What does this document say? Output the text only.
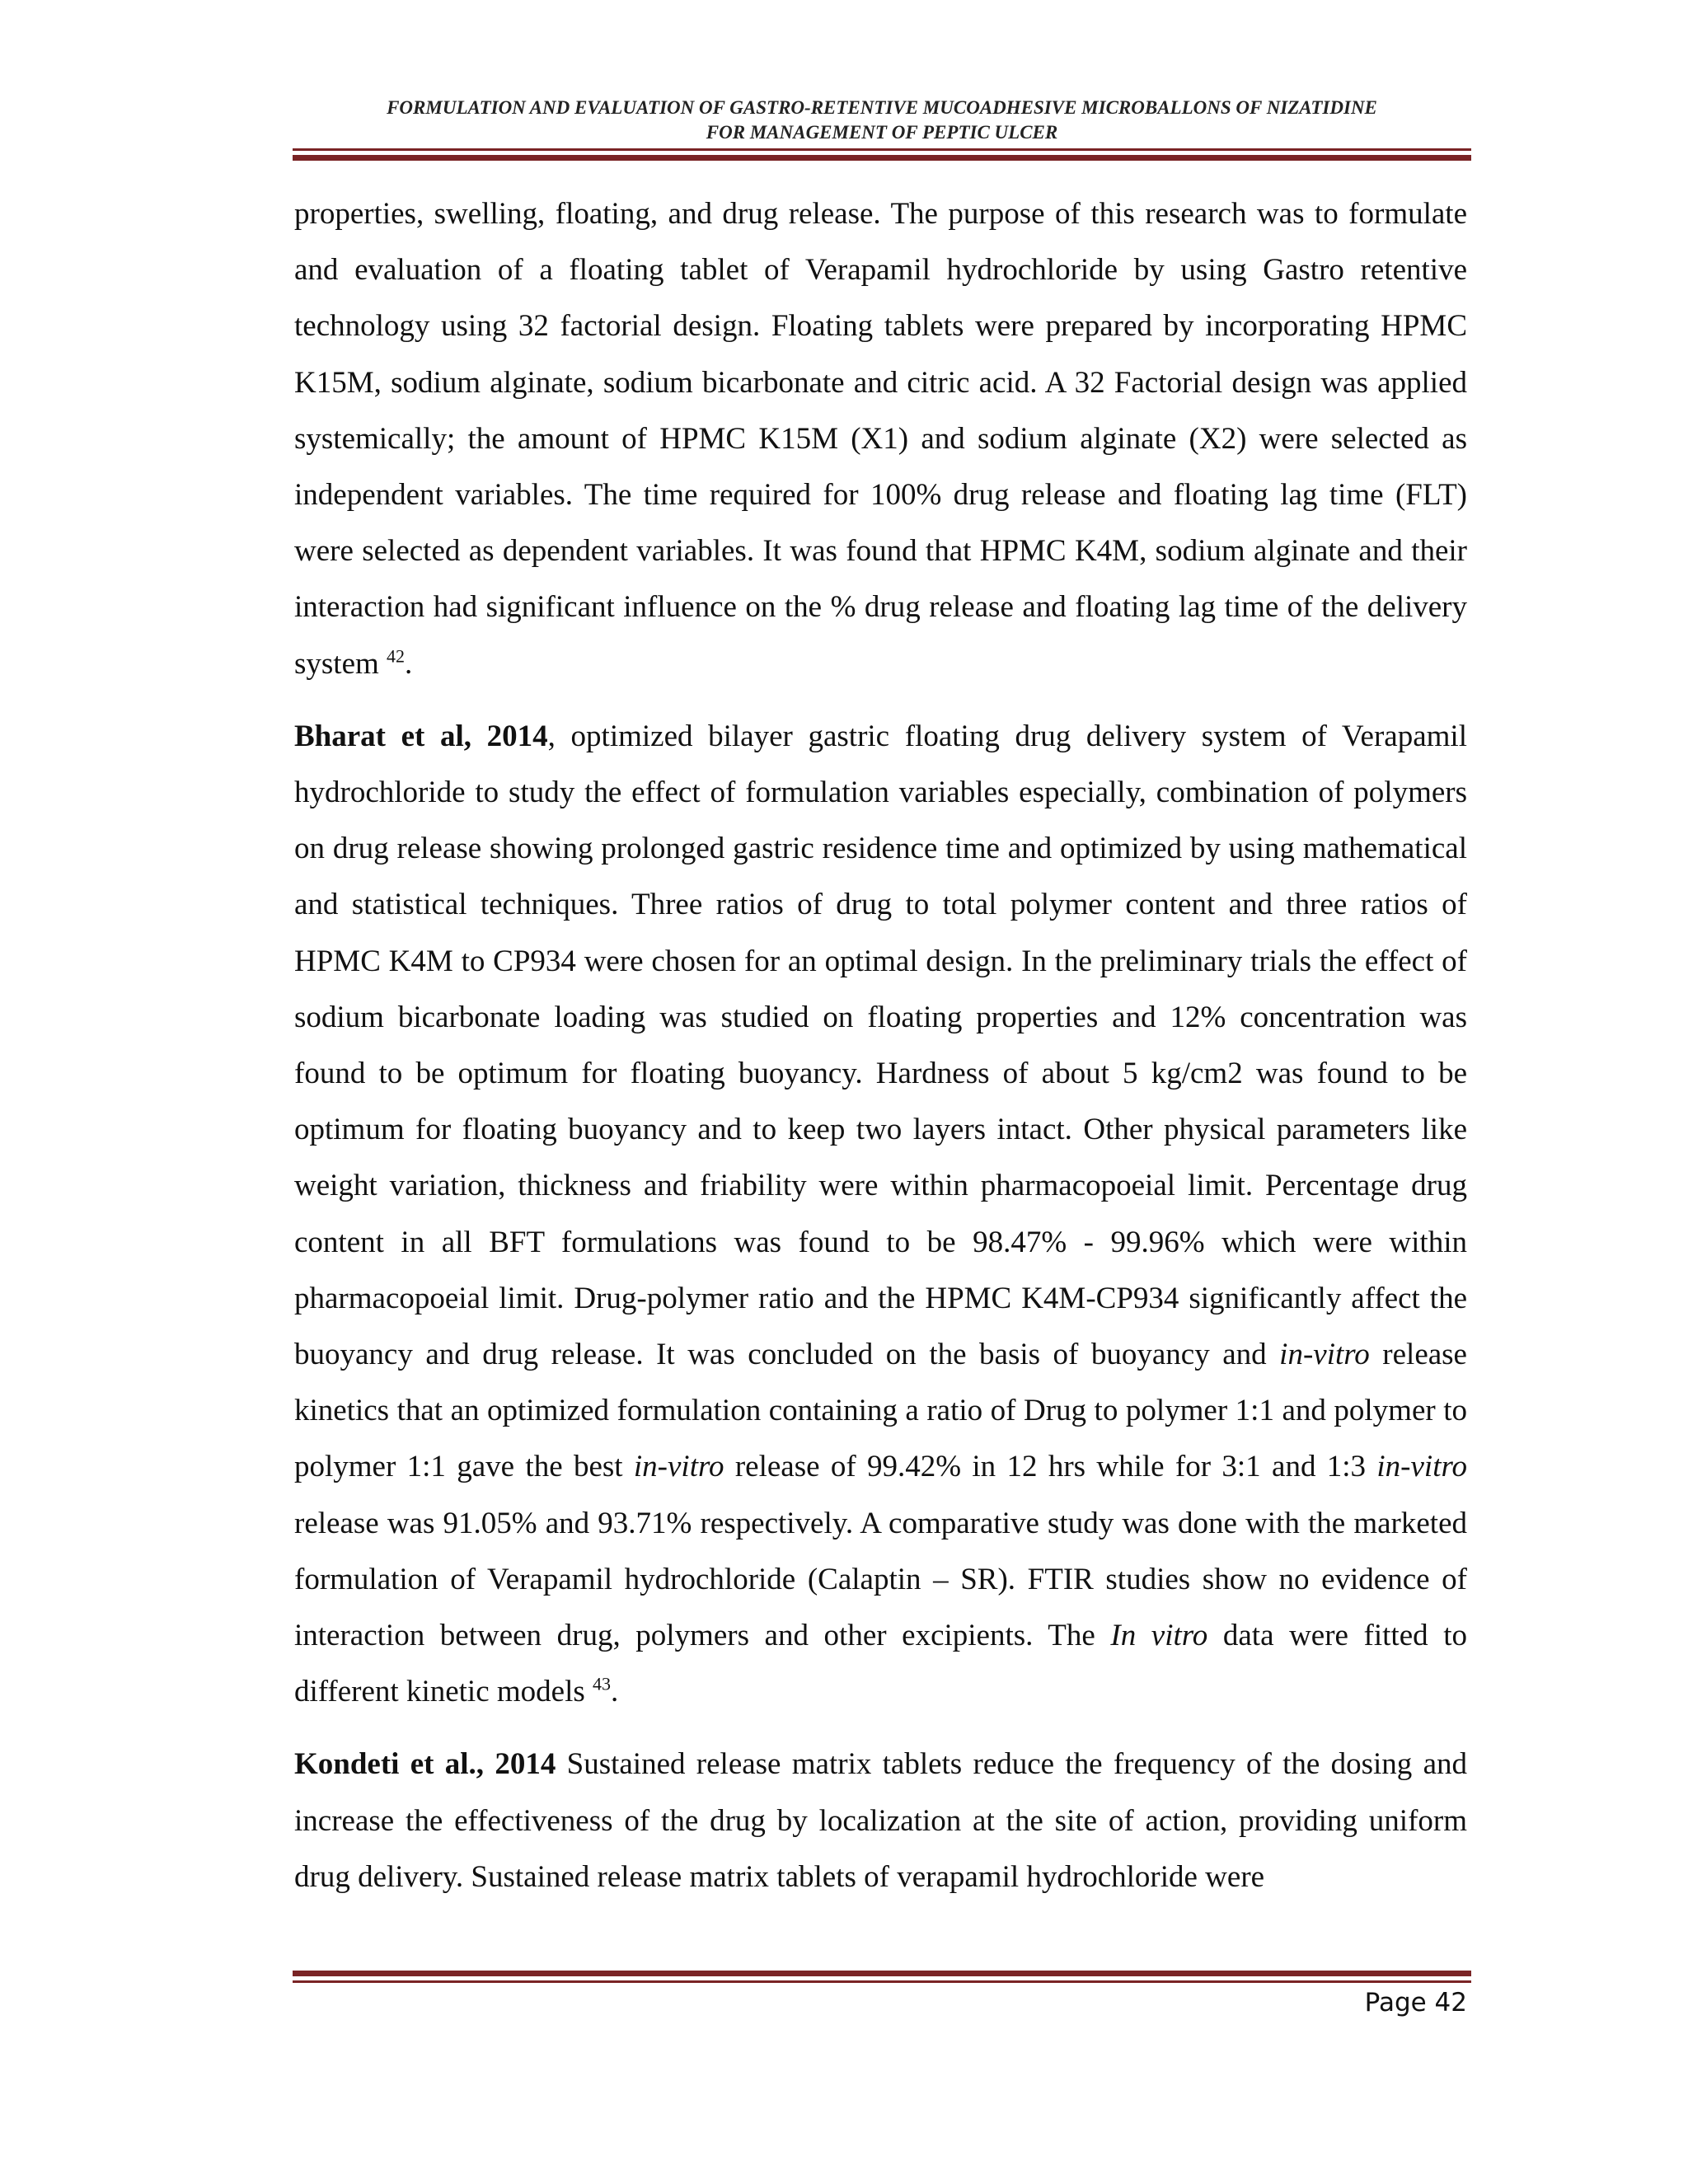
FORMULATION AND EVALUATION OF GASTRO-RETENTIVE MUCOADHESIVE MICROBALLONS OF NIZATIDINE
FOR MANAGEMENT OF PEPTIC ULCER

properties, swelling, floating, and drug release. The purpose of this research was to formulate and evaluation of a floating tablet of Verapamil hydrochloride by using Gastro retentive technology using 32 factorial design. Floating tablets were prepared by incorporating HPMC K15M, sodium alginate, sodium bicarbonate and citric acid. A 32 Factorial design was applied systemically; the amount of HPMC K15M (X1) and sodium alginate (X2) were selected as independent variables. The time required for 100% drug release and floating lag time (FLT) were selected as dependent variables. It was found that HPMC K4M, sodium alginate and their interaction had significant influence on the % drug release and floating lag time of the delivery system $^{42}$.

Bharat et al, 2014, optimized bilayer gastric floating drug delivery system of Verapamil hydrochloride to study the effect of formulation variables especially, combination of polymers on drug release showing prolonged gastric residence time and optimized by using mathematical and statistical techniques. Three ratios of drug to total polymer content and three ratios of HPMC K4M to CP934 were chosen for an optimal design. In the preliminary trials the effect of sodium bicarbonate loading was studied on floating properties and 12% concentration was found to be optimum for floating buoyancy. Hardness of about 5 kg/cm2 was found to be optimum for floating buoyancy and to keep two layers intact. Other physical parameters like weight variation, thickness and friability were within pharmacopoeial limit. Percentage drug content in all BFT formulations was found to be 98.47% - 99.96% which were within pharmacopoeial limit. Drug-polymer ratio and the HPMC K4M-CP934 significantly affect the buoyancy and drug release. It was concluded on the basis of buoyancy and in-vitro release kinetics that an optimized formulation containing a ratio of Drug to polymer 1:1 and polymer to polymer 1:1 gave the best in-vitro release of 99.42% in 12 hrs while for 3:1 and 1:3 in-vitro release was 91.05% and 93.71% respectively. A comparative study was done with the marketed formulation of Verapamil hydrochloride (Calaptin – SR). FTIR studies show no evidence of interaction between drug, polymers and other excipients. The In vitro data were fitted to different kinetic models $^{43}$.

Kondeti et al., 2014 Sustained release matrix tablets reduce the frequency of the dosing and increase the effectiveness of the drug by localization at the site of action, providing uniform drug delivery. Sustained release matrix tablets of verapamil hydrochloride were

Page 42
